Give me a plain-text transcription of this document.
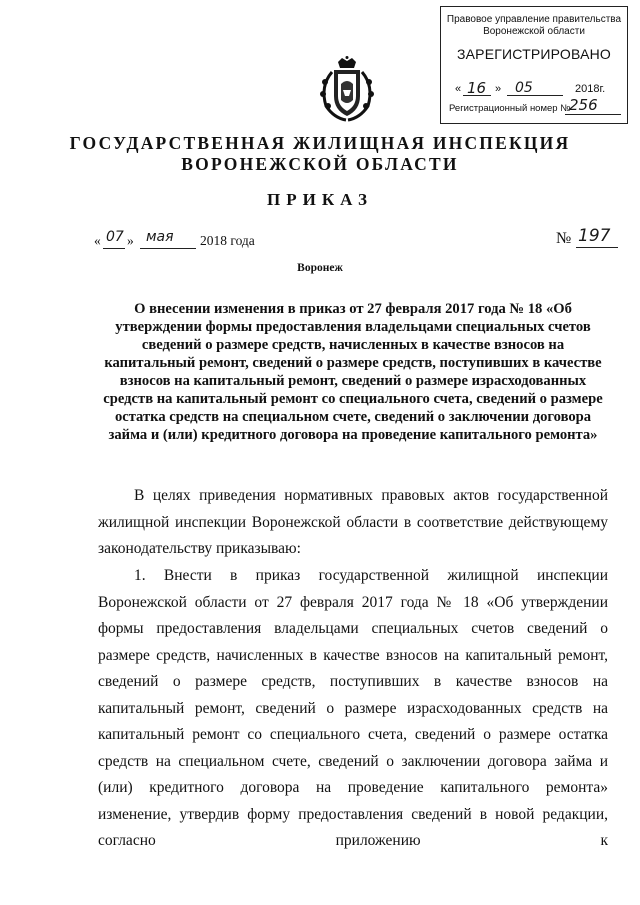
Правовое управление правительства
Воронежской области
ЗАРЕГИСТРИРОВАНО
« 16 » 05	2018г.
Регистрационный номер №
256
ГОСУДАРСТВЕННАЯ ЖИЛИЩНАЯ ИНСПЕКЦИЯ
ВОРОНЕЖСКОЙ ОБЛАСТИ
ПРИКАЗ
« 07 » мая 2018 года	№ 197
Воронеж
О внесении изменения в приказ от 27 февраля 2017 года № 18 «Об утверждении формы предоставления владельцами специальных счетов сведений о размере средств, начисленных в качестве взносов на капитальный ремонт, сведений о размере средств, поступивших в качестве взносов на капитальный ремонт, сведений о размере израсходованных средств на капитальный ремонт со специального счета, сведений о размере остатка средств на специальном счете, сведений о заключении договора займа и (или) кредитного договора на проведение капитального ремонта»
В целях приведения нормативных правовых актов государственной жилищной инспекции Воронежской области в соответствие действующему законодательству приказываю:
1. Внести в приказ государственной жилищной инспекции Воронежской области от 27 февраля 2017 года № 18 «Об утверждении формы предоставления владельцами специальных счетов сведений о размере средств, начисленных в качестве взносов на капитальный ремонт, сведений о размере средств, поступивших в качестве взносов на капитальный ремонт, сведений о размере израсходованных средств на капитальный ремонт со специального счета, сведений о размере остатка средств на специальном счете, сведений о заключении договора займа и (или) кредитного договора на проведение капитального ремонта» изменение, утвердив форму предоставления сведений в новой редакции, согласно приложению к
